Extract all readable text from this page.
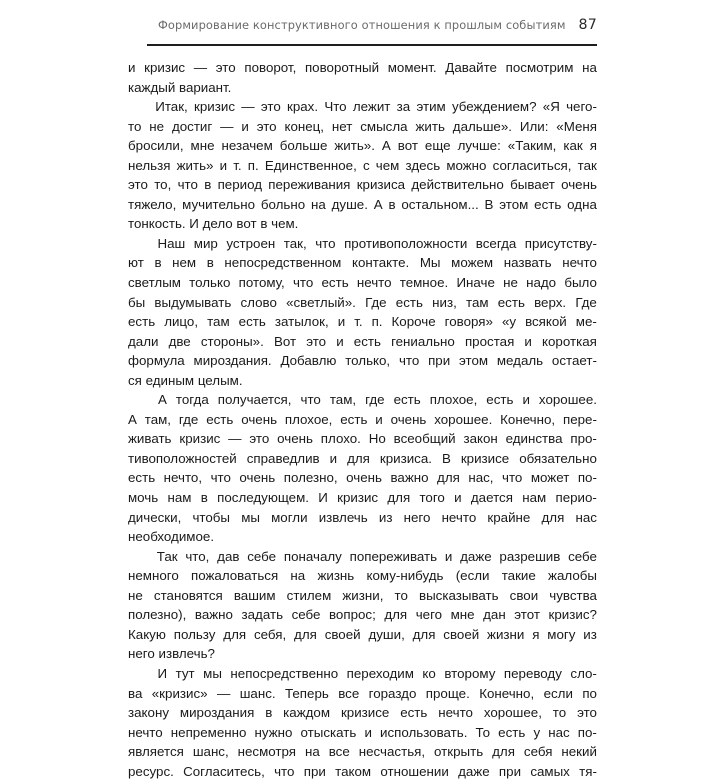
Формирование конструктивного отношения к прошлым событиям 87

и кризис — это поворот, поворотный момент. Давайте посмотрим на
каждый вариант.

Итак, кризис — это крах. Что лежит за этим убеждением? «Я чего-
то не достиг — и это конец, нет смысла жить дальше». Или: «Меня
бросили, мне незачем больше жить». А вот еще лучше: «Таким, как я
нельзя жить» и т. п. Единственное, с чем здесь можно согласиться, так
это то, что в период переживания кризиса действительно бывает очень
тяжело, мучительно больно на душе. А в остальном... В этом есть одна
тонкость. И дело вот в чем.

Наш мир устроен так, что противоположности всегда присутству-
ют в нем в непосредственном контакте. Мы можем назвать нечто
светлым только потому, что есть нечто темное. Иначе не надо было
бы выдумывать слово «светлый». Где есть низ, там есть верх. Где
есть лицо, там есть затылок, и т. п. Короче говоря» «у всякой ме-
дали две стороны». Вот это и есть гениально простая и короткая
формула мироздания. Добавлю только, что при этом медаль остает-
ся единым целым.

А тогда получается, что там, где есть плохое, есть и хорошее.
А там, где есть очень плохое, есть и очень хорошее. Конечно, пере-
живать кризис — это очень плохо. Но всеобщий закон единства про-
тивоположностей справедлив и для кризиса. В кризисе обязательно
есть нечто, что очень полезно, очень важно для нас, что может по-
мочь нам в последующем. И кризис для того и дается нам перио-
дически, чтобы мы могли извлечь из него нечто крайне для нас
необходимое.

Так что, дав себе поначалу попереживать и даже разрешив себе
немного пожаловаться на жизнь кому-нибудь (если такие жалобы
не становятся вашим стилем жизни, то высказывать свои чувства
полезно), важно задать себе вопрос; для чего мне дан этот кризис?
Какую пользу для себя, для своей души, для своей жизни я могу из
него извлечь?

И тут мы непосредственно переходим ко второму переводу сло-
ва «кризис» — шанс. Теперь все гораздо проще. Конечно, если по
закону мироздания в каждом кризисе есть нечто хорошее, то это
нечто непременно нужно отыскать и использовать. То есть у нас по-
является шанс, несмотря на все несчастья, открыть для себя некий
ресурс. Согласитесь, что при таком отношении даже при самых тя-
